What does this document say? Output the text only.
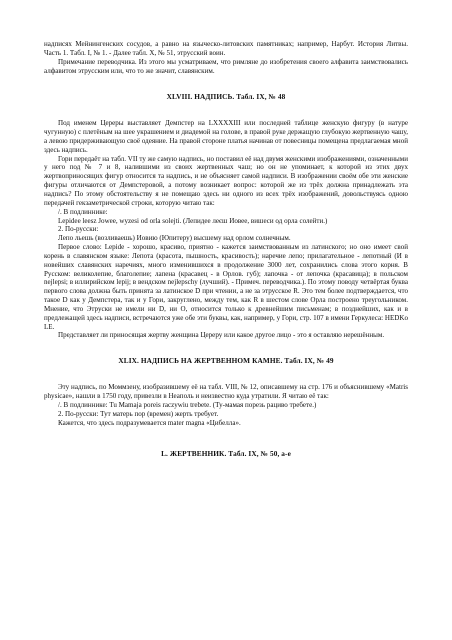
надписях Мейнингенских сосудов, а равно на языческо-литовских памятниках; например, Нарбут. История Литвы. Часть 1. Табл. I, № 1. - Далее табл. X, № 51, этрусский воин.

Примечание переводчика. Из этого мы усматриваем, что римляне до изобретения своего алфавита заимствовались алфавитом этрусским или, что то же значит, славянским.

XLVIII. НАДПИСЬ. Табл. IX, № 48

Под именем Цереры выставляет Демпстер на LXXXXIII или последней таблице женскую фигуру (в натуре чугунную) с плетёным на шее украшением и диадемой на голове, в правой руке держащую глубокую жертвенную чашу, а левою придерживающую своё одеяние. На правой стороне платья начинав от повесницы помещена предлагаемая мной здесь надпись.

Гори передаёт на табл. VII ту же самую надпись, но поставил её над двумя женскими изображениями, означенными у него под № 7 и 8, налившими из своих жертвенных чаш; но он не упоминает, к которой из этих двух жертвоприносящих фигур относится та надпись, и не объясняет самой надписи. В изображении своём обе эти женские фигуры отличаются от Демпстеровой, а потому возникает вопрос: которой же из трёх должна принадлежать эта надпись? По этому обстоятельству я не помещаю здесь ни одного из всех трёх изображений, довольствуясь одною передачей гекзаметрической строки, которую читаю так:

/. В подлиннике:

Lepidee leesz Jowee, wyzesi od orla solejti. (Лепидее леєш Иовее, вишеси од орла солейти.)

2. По-русски:

Лепо льешь (возливаешь) Иовию (Юпитеру) высшему над орлом солнечным.

Первое слово: Lepide - хорошо, красиво, приятно - кажется заимствованным из латинского; но оно имеет свой корень в славянском языке: Лепота (красота, пышность, красивость); наречие лепо; прилагательное - лепотный (И в новейших славянских наречиях, много изменившихся в продолжение 3000 лет, сохранились слова этого корня. В Русском: великолепие, благолепие; лапена (красавец - в Орлов. губ); лапочка - от лепочка (красавица); в польском nejlepsi; в иллирийском lepij; в вендском nejlepschy (лучший). - Примеч. переводчика.). По этому поводу четвёртая буква первого слова должна быть принята за латинское D при чтении, а не за этрусское R. Это тем более подтверждается, что такое D как у Демпстера, так и у Гори, закруглено, между тем, как R в шестом слове Орла построено треугольником. Мнение, что Этруски не имели ни D, ни O, относится только к древнейшим письменам; в позднейших, как и в предлежащей здесь надписи, встречаются уже обе эти буквы, как, например, у Гори, стр. 107 в имени Геркулеса: HEDKo LE.

Представляет ли приносящая жертву женщина Цереру или какое другое лицо - это я оставляю нерешённым.

XLIX. НАДПИСЬ НА ЖЕРТВЕННОМ КАМНЕ. Табл. IX, № 49

Эту надпись, по Моммзену, изобразившему её на табл. VIII, № 12, описавшему на стр. 176 и объяснившему «Matris physicae», нашли в 1750 году, привезли в Неаполь и неизвестно куда утратили. Я читаю её так:

/. В подлиннике: Tu Mamaja poreis raczywiu trebete. (Ту-мамая порезь рациво требете.)

2. По-русски: Тут матерь пор (времен) жерть требует.

Кажется, что здесь подразумевается mater magna «Цибелла».

L. ЖЕРТВЕННИК. Табл. IX, № 50, а-е
